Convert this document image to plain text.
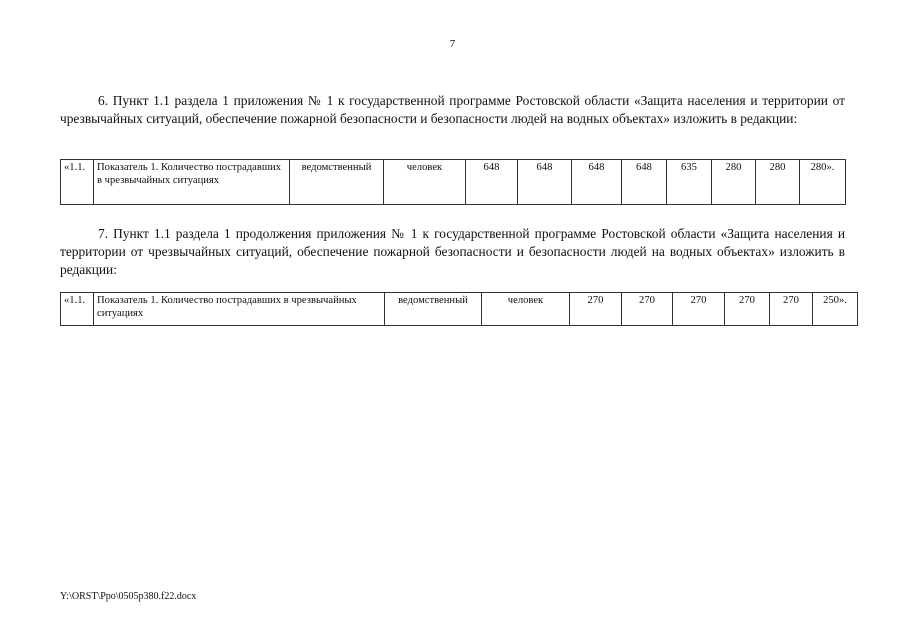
7

6. Пункт 1.1 раздела 1 приложения № 1 к государственной программе Ростовской области «Защита населения и территории от чрезвычайных ситуаций, обеспечение пожарной безопасности и безопасности людей на водных объектах» изложить в редакции:

«1.1.	Показатель 1. Количество пострадавших в чрезвычайных ситуациях	ведомственный	человек	648	648	648	648	635	280	280	280».

7. Пункт 1.1 раздела 1 продолжения приложения № 1 к государственной программе Ростовской области «Защита населения и территории от чрезвычайных ситуаций, обеспечение пожарной безопасности и безопасности людей на водных объектах» изложить в редакции:

«1.1.	Показатель 1. Количество пострадавших в чрезвычайных ситуациях	ведомственный	человек	270	270	270	270	270	250».
Y:\ORST\Ppo\0505p380.f22.docx
